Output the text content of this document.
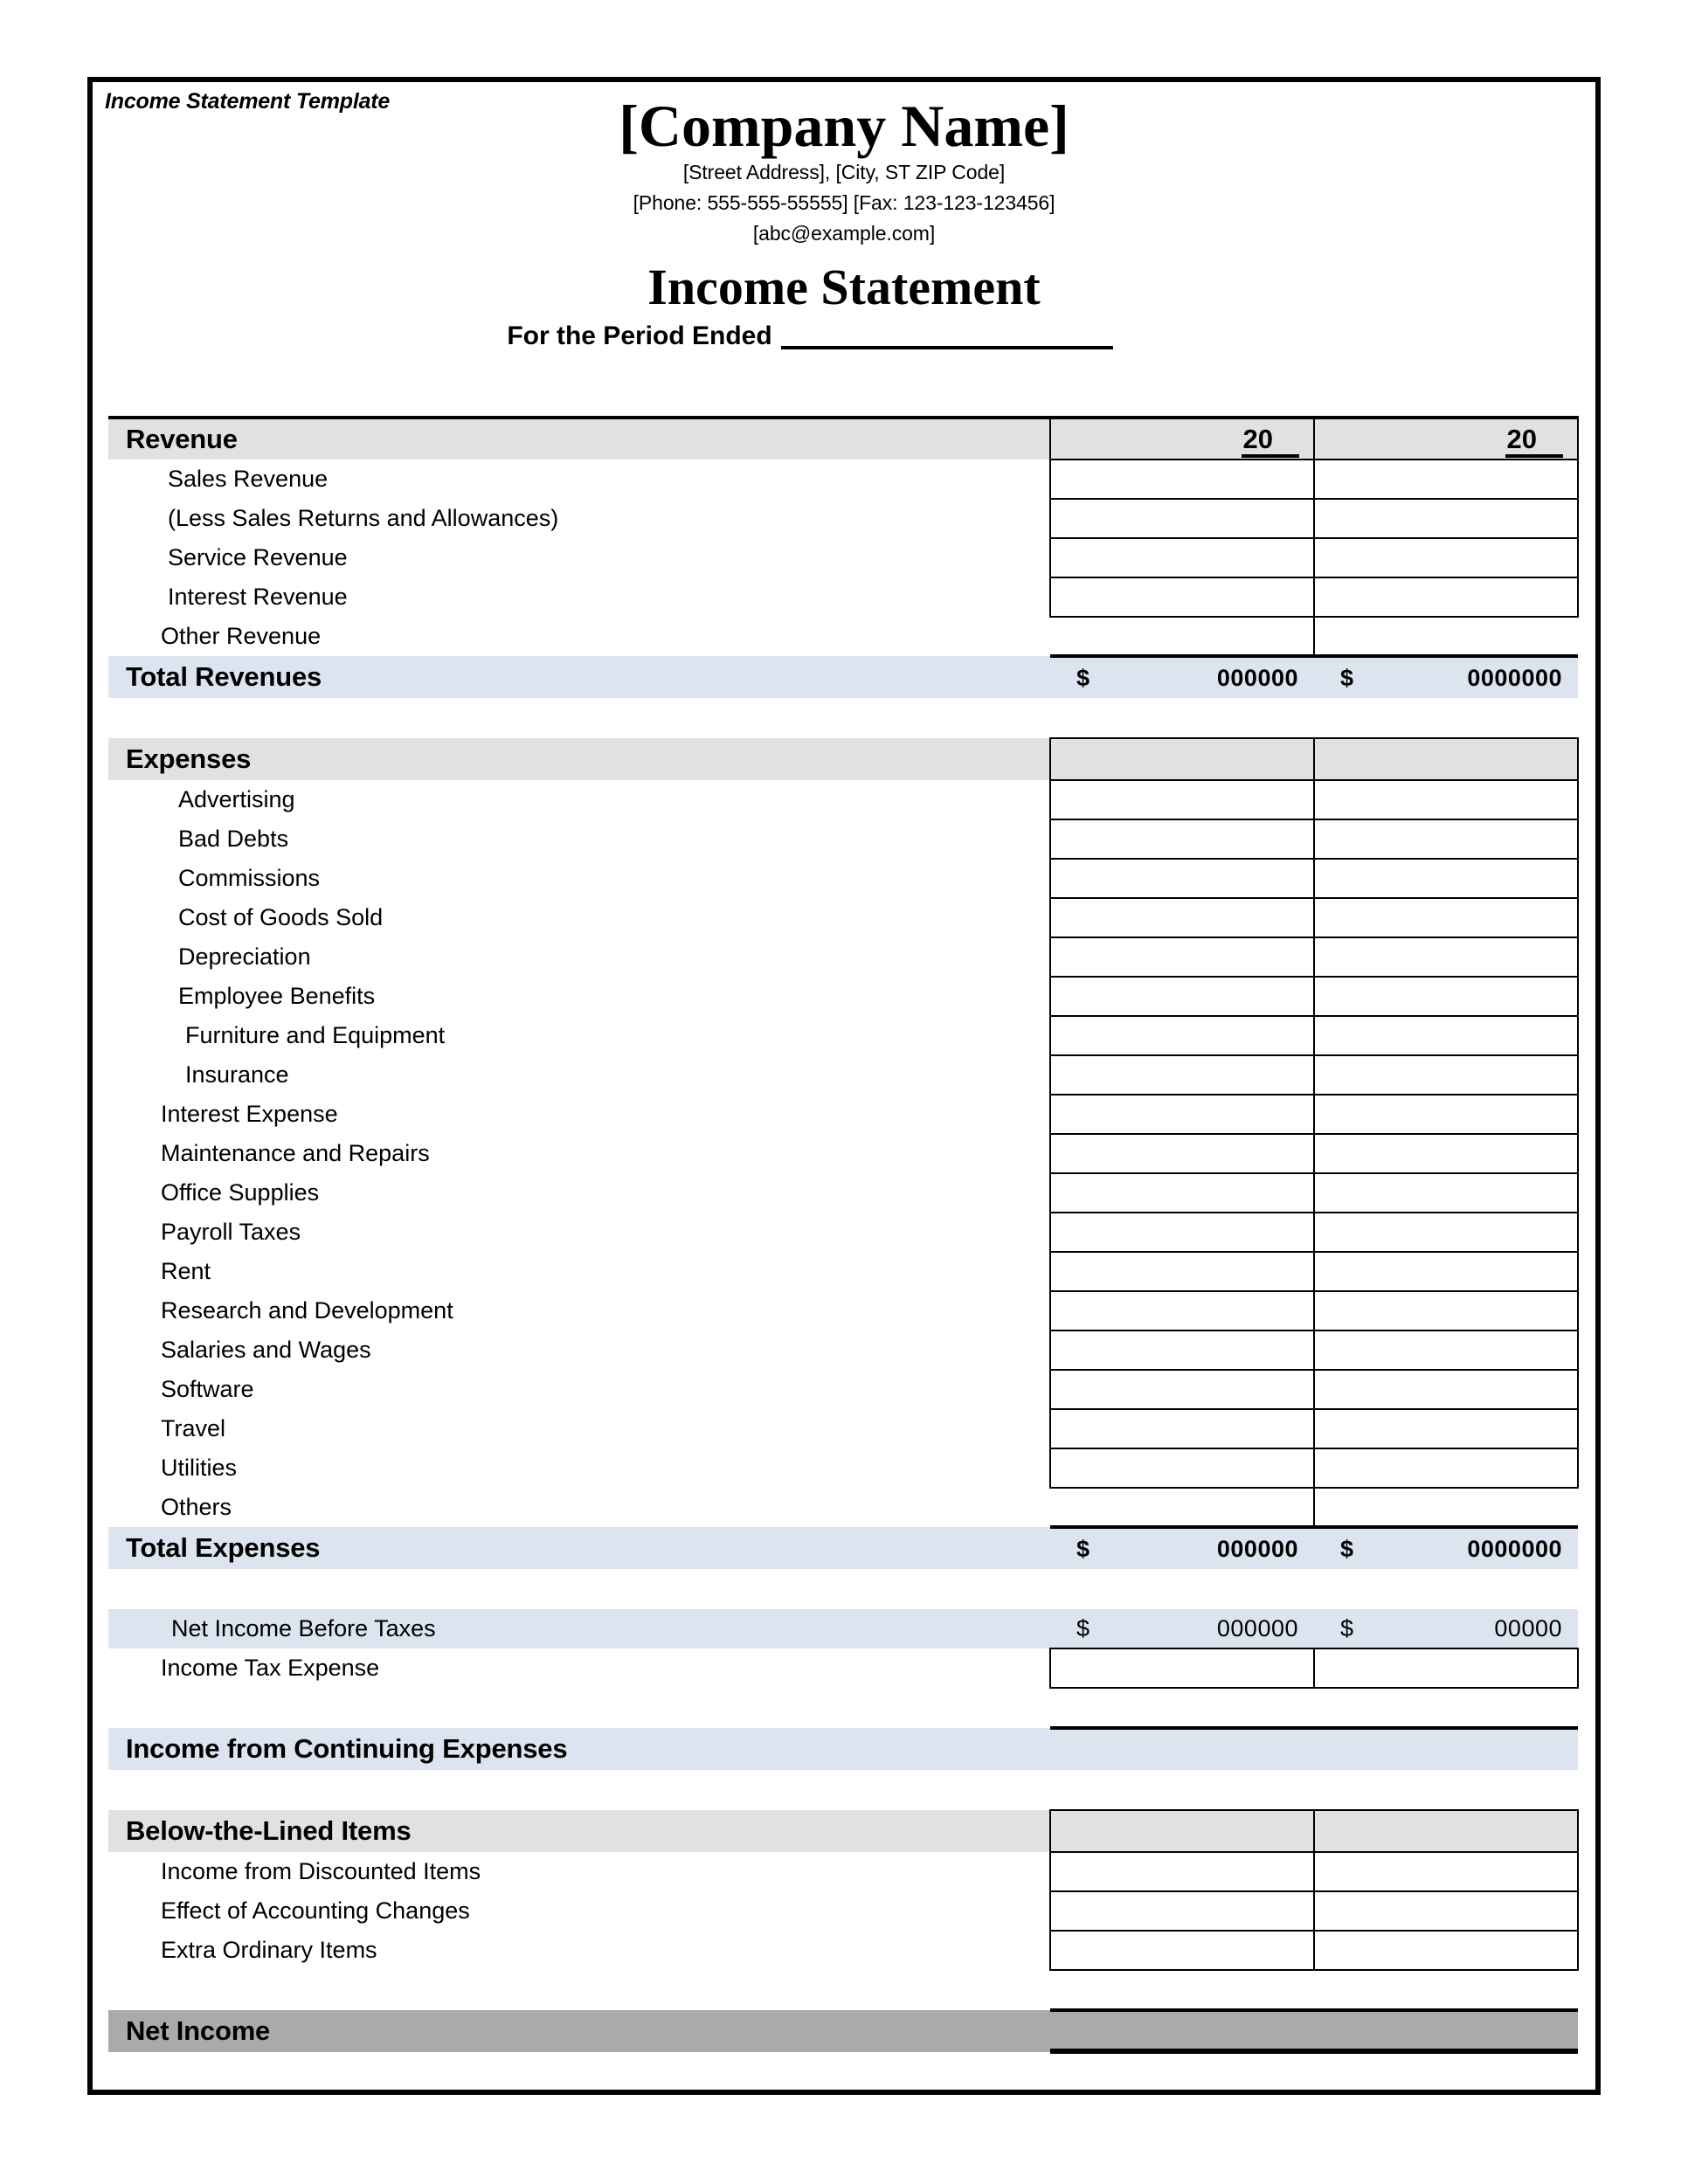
Income Statement Template	[Company Name]
[Street Address], [City, ST ZIP Code]
[Phone: 555-555-55555] [Fax: 123-123-123456]
[abc@example.com]
Income Statement
For the Period Ended
Revenue	20	20
Sales Revenue		
(Less Sales Returns and Allowances)		
Service Revenue		
Interest Revenue		
Other Revenue		
Total Revenues	$ 000000	$ 0000000

Expenses		
Advertising		
Bad Debts		
Commissions		
Cost of Goods Sold		
Depreciation		
Employee Benefits		
Furniture and Equipment		
Insurance		
Interest Expense		
Maintenance and Repairs		
Office Supplies		
Payroll Taxes		
Rent		
Research and Development		
Salaries and Wages		
Software		
Travel		
Utilities		
Others		
Total Expenses	$ 000000	$ 0000000

Net Income Before Taxes	$ 000000	$ 00000

Income Tax Expense		

Income from Continuing Expenses		

Below-the-Lined Items		
Income from Discounted Items		
Effect of Accounting Changes		
Extra Ordinary Items		

Net Income		
